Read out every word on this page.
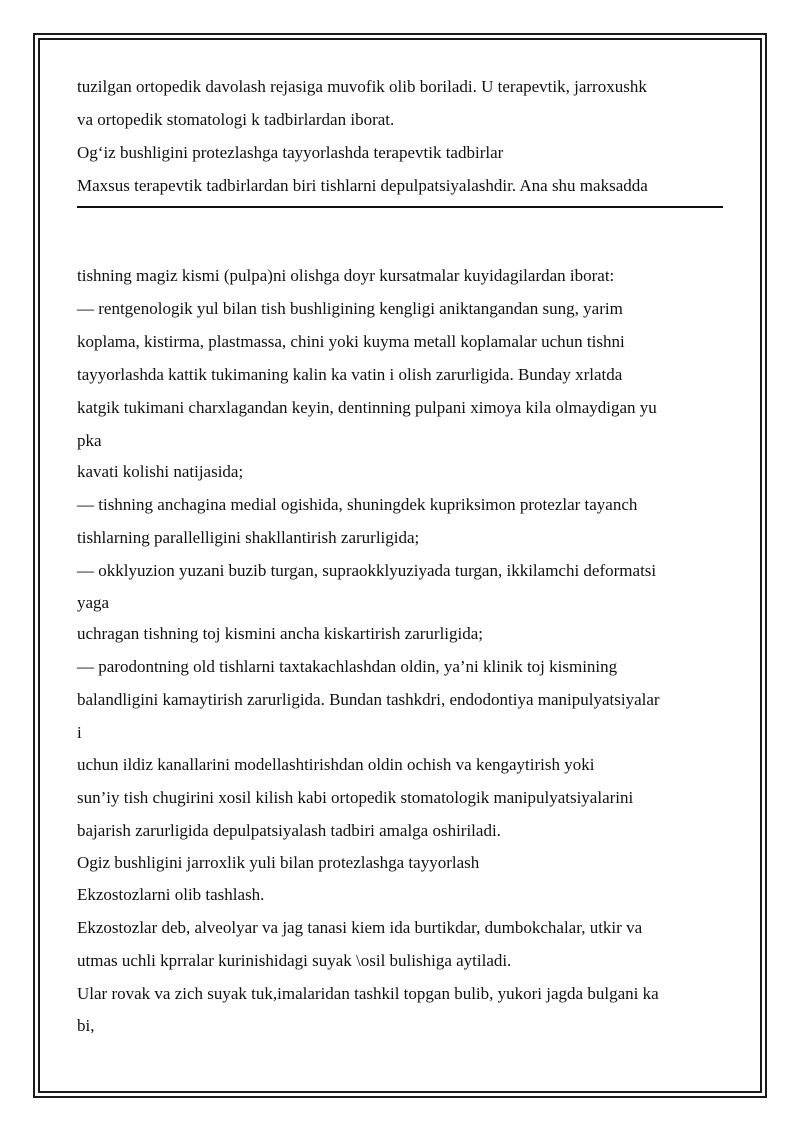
tuzilgan ortopedik davolash rejasiga muvofik olib boriladi. U terapevtik, jarroxushk
va ortopedik stomatologi k tadbirlardan iborat.
Og‘iz bushligini protezlashga tayyorlashda terapevtik tadbirlar
Maxsus terapevtik tadbirlardan biri tishlarni depulpatsiyalashdir. Ana shu maksadda
tishning magiz kismi (pulpa)ni olishga doyr kursatmalar kuyidagilardan iborat:
— rentgenologik yul bilan tish bushligining kengligi aniktangandan sung, yarim
koplama, kistirma, plastmassa, chini yoki kuyma metall koplamalar uchun tishni
tayyorlashda kattik tukimaning kalin ka vatin i olish zarurligida. Bunday xrlatda
katgik tukimani charxlagandan keyin, dentinning pulpani ximoya kila olmaydigan yu
pka
kavati kolishi natijasida;
— tishning anchagina medial ogishida, shuningdek kupriksimon protezlar tayanch
tishlarning parallelligini shakllantirish zarurligida;
— okklyuzion yuzani buzib turgan, supraokklyuziyada turgan, ikkilamchi deformatsi
yaga
uchragan tishning toj kismini ancha kiskartirish zarurligida;
— parodontning old tishlarni taxtakachlashdan oldin, ya’ni klinik toj kismining
balandligini kamaytirish zarurligida. Bundan tashkdri, endodontiya manipulyatsiyalar
i
uchun ildiz kanallarini modellashtirishdan oldin ochish va kengaytirish yoki
sun’iy tish chugirini xosil kilish kabi ortopedik stomatologik manipulyatsiyalarini
bajarish zarurligida depulpatsiyalash tadbiri amalga oshiriladi.
Ogiz bushligini jarroxlik yuli bilan protezlashga tayyorlash
Ekzostozlarni olib tashlash.
Ekzostozlar deb, alveolyar va jag tanasi kiem ida burtikdar, dumbokchalar, utkir va
utmas uchli kprralar kurinishidagi suyak \osil bulishiga aytiladi.
Ular rovak va zich suyak tuk,imalaridan tashkil topgan bulib, yukori jagda bulgani ka
bi,
